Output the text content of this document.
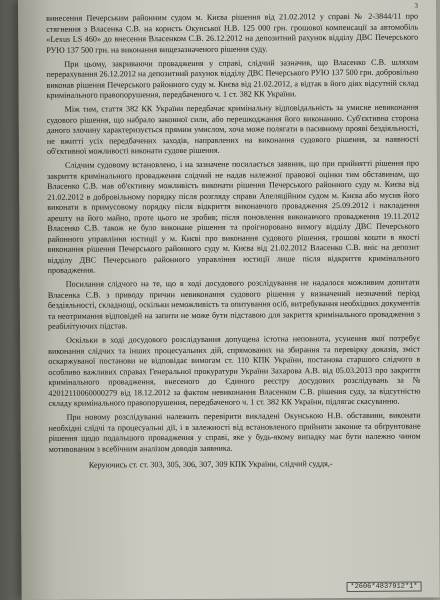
3

винесення Печерським районним судом м. Києва рішення від 21.02.2012 у справі № 2-3844/11 про стягнення з Власенка С.В. на користь Окунської Н.В. 125 000 грн. грошової компенсації за автомобіль «Lexus LS 460» до внесення Власенком С.В. 26.12.2012 на депозитний рахунок відділу ДВС Печерського РУЮ 137 500 грн. на виконання вищезазначеного рішення суду.

При цьому, закриваючи провадження у справі, слідчий зазначив, що Власенко С.В. шляхом перерахування 26.12.2012 на депозитний рахунок відділу ДВС Печерського РУЮ 137 500 грн. добровільно виконав рішення Печерського районного суду м. Києва від 21.02.2012, а відтак в його діях відсутній склад кримінального правопорушення, передбаченого ч. 1 ст. 382 КК України.

Між тим, стаття 382 КК України передбачає кримінальну відповідальність за умисне невиконання судового рішення, що набрало законної сили, або перешкоджання його виконанню. Суб'єктивна сторона даного злочину характеризується прямим умислом, хоча може полягати в пасивному прояві бездіяльності, не вжитті усіх передбачених заходів, направлених на виконання судового рішення, за наявності об'єктивної можливості виконати судове рішення.

Слідчим судовому встановлено, і на зазначене посилається заявник, що при прийнятті рішення про закриття кримінального провадження слідчий не надав належної правової оцінки тим обставинам, що Власенко С.В. мав об'єктивну можливість виконати рішення Печерського районного суду м. Києва від 21.02.2012 в добровільному порядку після розгляду справи Апеляційним судом м. Києва або мусив його виконати в примусовому порядку після відкриття виконавчого провадження 25.09.2012 і накладення арешту на його майно, проте цього не зробив; після поновлення виконавчого провадження 19.11.2012 Власенко С.В. також не було виконане рішення та проігноровано вимогу відділу ДВС Печерського районного управління юстиції у м. Києві про виконання судового рішення, грошові кошти в якості виконання рішення Печерського районного суду м. Києва від 21.02.2012 Власенко С.В. вніс на депозит відділу ДВС Печерського районного управління юстиції лише після відкриття кримінального провадження.

Посилання слідчого на те, що в ході досудового розслідування не надалося можливим допитати Власенка С.В. з приводу причин невиконання судового рішення у визначений незначний період бездіяльності, складнощі, оскільки неможливість та опитування осіб, витребування необхідних документів та неотримання відповідей на запити не може бути підставою для закриття кримінального провадження з реабілітуючих підстав.

Оскільки в ході досудового розслідування допущена істотна неповнота, усунення якої потребує виконання слідчих та інших процесуальних дій, спрямованих на збирання та перевірку доказів, зміст оскаржуваної постанови не відповідає вимогам ст. 110 КПК України, постанова старшого слідчого в особливо важливих справах Генеральної прокуратури України Захарова А.В. від 05.03.2013 про закриття кримінального провадження, внесеного до Єдиного реєстру досудових розслідувань за № 42012110060000279 від 18.12.2012 за фактом невиконання Власенком С.В. рішення суду, за відсутністю складу кримінального правопорушення, передбаченого ч. 1 ст. 382 КК України, підлягає скасуванню.

При новому розслідуванні належить перевірити викладені Окунською Н.В. обставини, виконати необхідні слідчі та процесуальні дії, і в залежності від встановленого прийняти законне та обґрунтоване рішення щодо подальшого провадження у справі, яке у будь-якому випадку має бути належно чином мотивованим з всебічним аналізом доводів заявника.

Керуючись ст. ст. 303, 305, 306, 307, 309 КПК України, слідчий суддя,-

*2606*4837912*1*
